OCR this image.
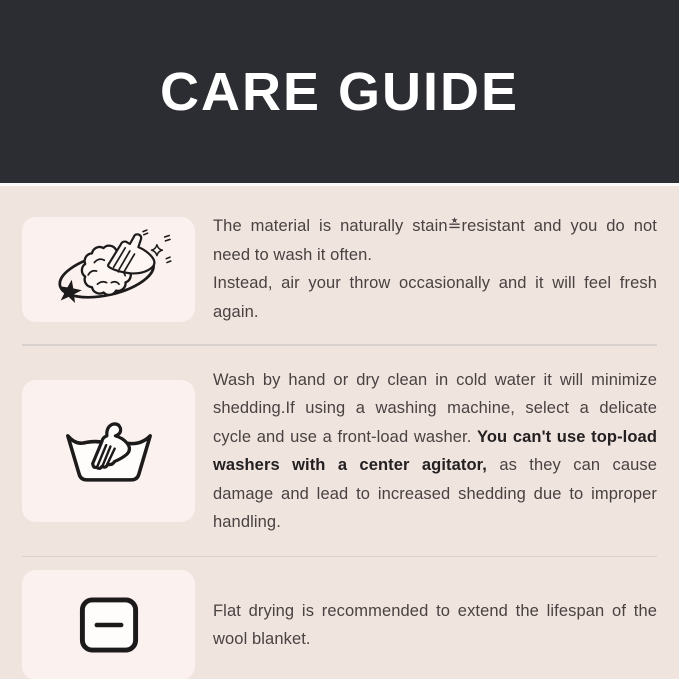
CARE GUIDE

The material is naturally stain≛resistant and you do not need to wash it often.
Instead, air your throw occasionally and it will feel fresh again.

Wash by hand or dry clean in cold water it will minimize shedding.If using a washing machine, select a delicate cycle and use a front-load washer. You can't use top-load washers with a center agitator, as they can cause damage and lead to increased shedding due to improper handling.

Flat drying is recommended to extend the lifespan of the wool blanket.
